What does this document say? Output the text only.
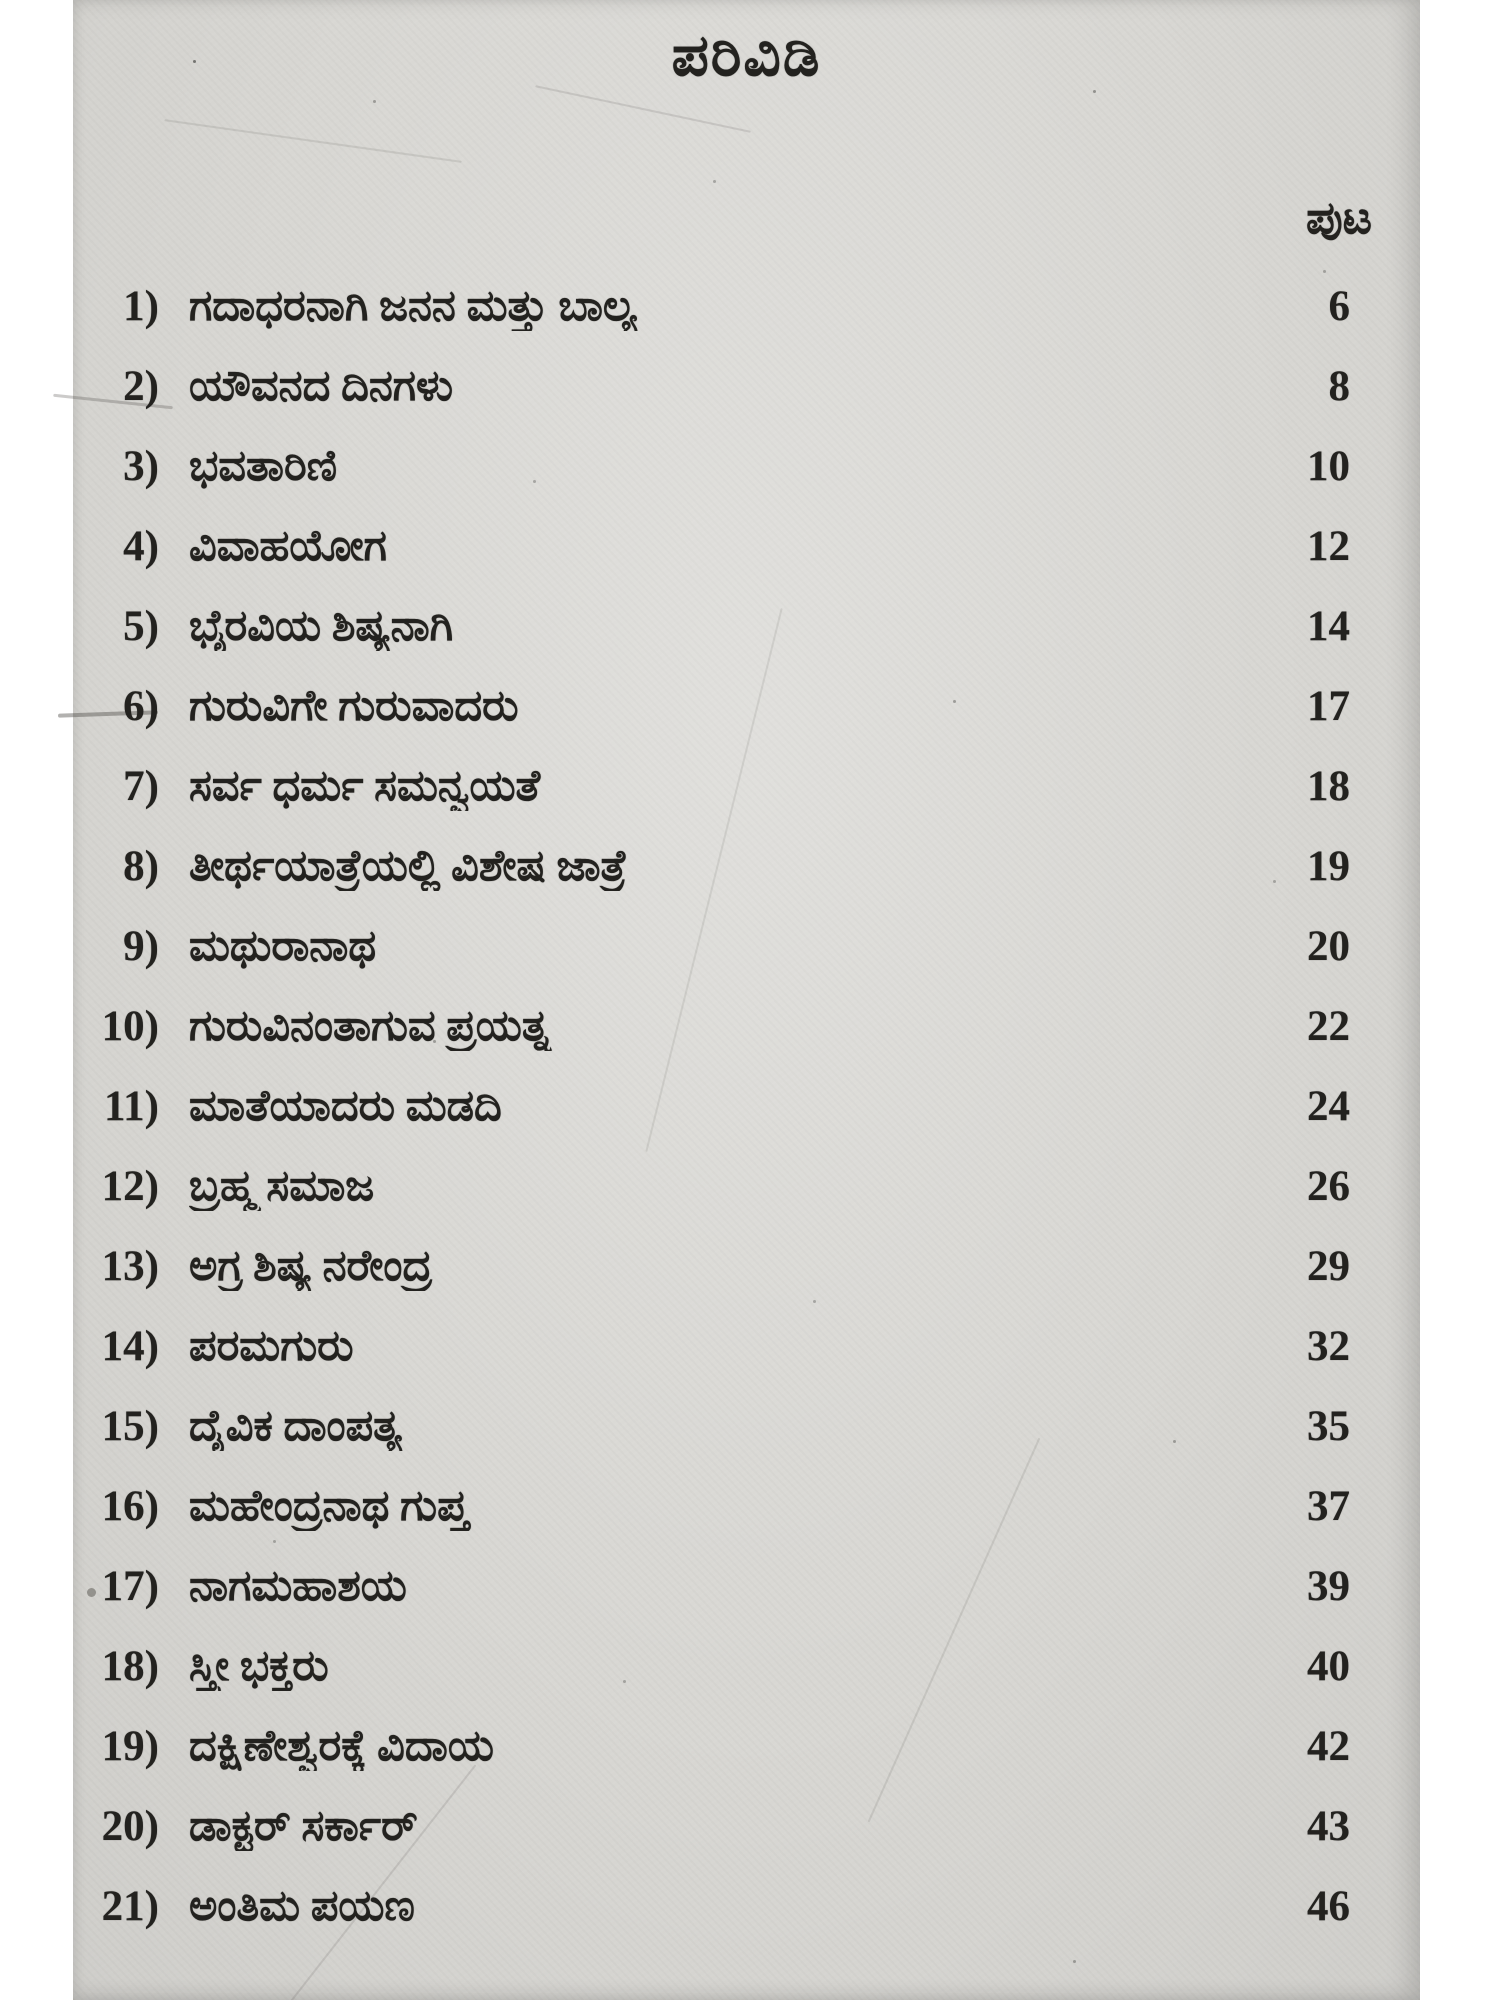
ಪರಿವಿಡಿ
ಪುಟ
1) ಗದಾಧರನಾಗಿ ಜನನ ಮತ್ತು ಬಾಲ್ಯ	6
2) ಯೌವನದ ದಿನಗಳು	8
3) ಭವತಾರಿಣಿ	10
4) ವಿವಾಹಯೋಗ	12
5) ಭೈರವಿಯ ಶಿಷ್ಯನಾಗಿ	14
6) ಗುರುವಿಗೇ ಗುರುವಾದರು	17
7) ಸರ್ವ ಧರ್ಮ ಸಮನ್ವಯತೆ	18
8) ತೀರ್ಥಯಾತ್ರೆಯಲ್ಲಿ ವಿಶೇಷ ಜಾತ್ರೆ	19
9) ಮಥುರಾನಾಥ	20
10) ಗುರುವಿನಂತಾಗುವ ಪ್ರಯತ್ನ	22
11) ಮಾತೆಯಾದರು ಮಡದಿ	24
12) ಬ್ರಹ್ಮ ಸಮಾಜ	26
13) ಅಗ್ರ ಶಿಷ್ಯ ನರೇಂದ್ರ	29
14) ಪರಮಗುರು	32
15) ದೈವಿಕ ದಾಂಪತ್ಯ	35
16) ಮಹೇಂದ್ರನಾಥ ಗುಪ್ತ	37
17) ನಾಗಮಹಾಶಯ	39
18) ಸ್ತ್ರೀ ಭಕ್ತರು	40
19) ದಕ್ಷಿಣೇಶ್ವರಕ್ಕೆ ವಿದಾಯ	42
20) ಡಾಕ್ಟರ್ ಸರ್ಕಾರ್	43
21) ಅಂತಿಮ ಪಯಣ	46
